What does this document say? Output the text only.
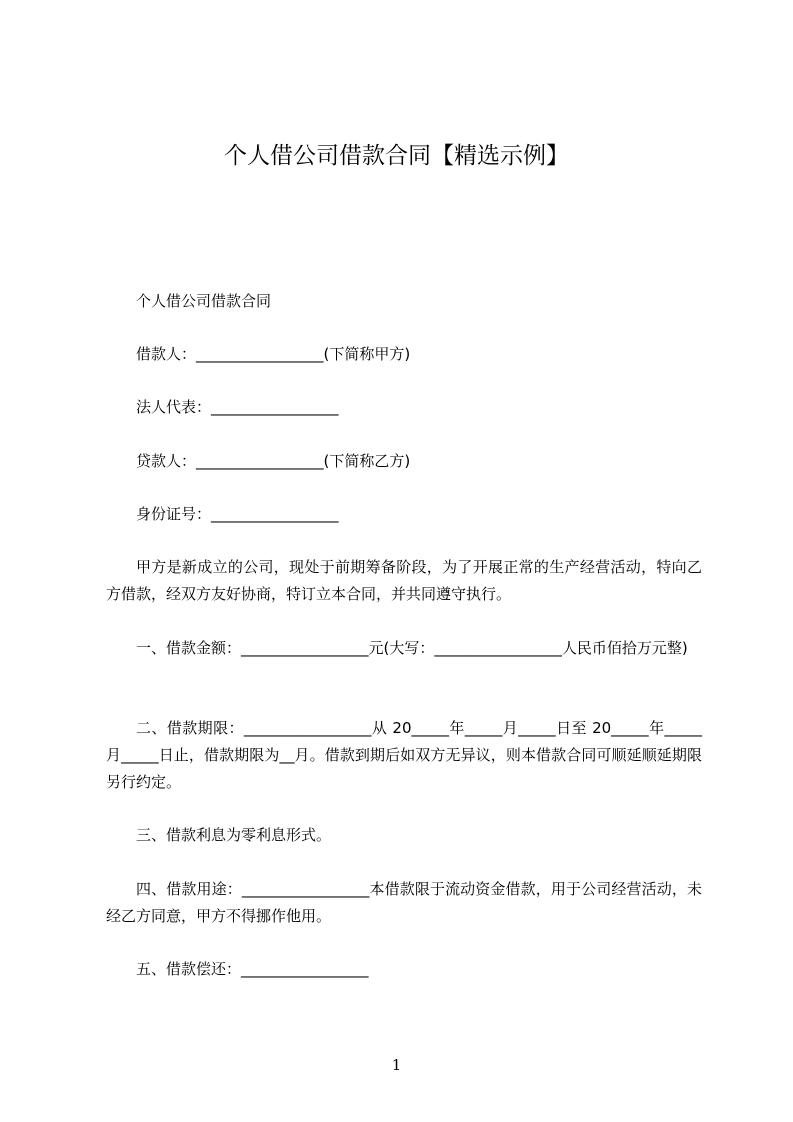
个人借公司借款合同【精选示例】

个人借公司借款合同

借款人：_________________(下简称甲方)

法人代表：_________________

贷款人：_________________(下简称乙方)

身份证号：_________________

甲方是新成立的公司，现处于前期筹备阶段，为了开展正常的生产经营活动，特向乙方借款，经双方友好协商，特订立本合同，并共同遵守执行。

一、借款金额：_________________元(大写：_________________人民币佰拾万元整)

二、借款期限：_________________从 20_____年_____月_____日至 20_____年_____月_____日止，借款期限为__月。借款到期后如双方无异议，则本借款合同可顺延顺延期限另行约定。

三、借款利息为零利息形式。

四、借款用途：_________________本借款限于流动资金借款，用于公司经营活动，未经乙方同意，甲方不得挪作他用。

五、借款偿还：_________________

1
